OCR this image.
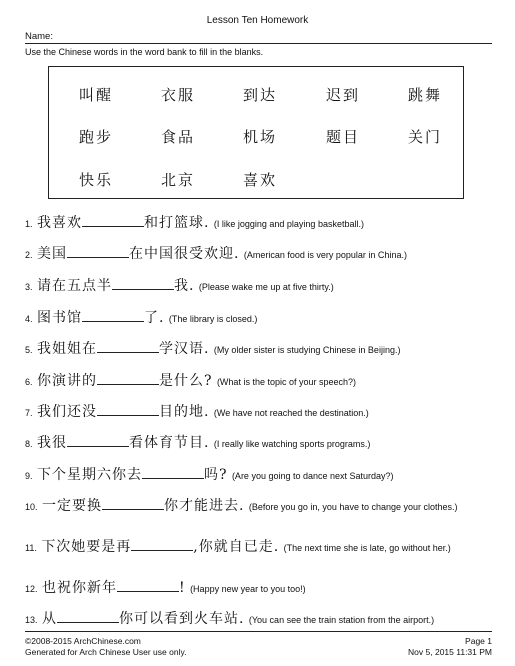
Lesson Ten Homework
Name:
Use the Chinese words in the word bank to fill in the blanks.
叫醒	衣服	到达	迟到	跳舞
跑步	食品	机场	题目	关门
快乐	北京	喜欢
1. 我喜欢	和打篮球. (I like jogging and playing basketball.)
2. 美国	在中国很受欢迎. (American food is very popular in China.)
3. 请在五点半	我. (Please wake me up at five thirty.)
4. 图书馆	了. (The library is closed.)
5. 我姐姐在	学汉语. (My older sister is studying Chinese in Beijing.)
6. 你演讲的	是什么? (What is the topic of your speech?)
7. 我们还没	目的地. (We have not reached the destination.)
8. 我很	看体育节目. (I really like watching sports programs.)
9. 下个星期六你去	吗? (Are you going to dance next Saturday?)
10. 一定要换	你才能进去. (Before you go in, you have to change your clothes.)
11. 下次她要是再	,你就自已走. (The next time she is late, go without her.)
12. 也祝你新年	! (Happy new year to you too!)
13. 从	你可以看到火车站. (You can see the train station from the airport.)
©2008-2015 ArchChinese.com
Generated for Arch Chinese User use only.
Page 1
Nov 5, 2015 11:31 PM
